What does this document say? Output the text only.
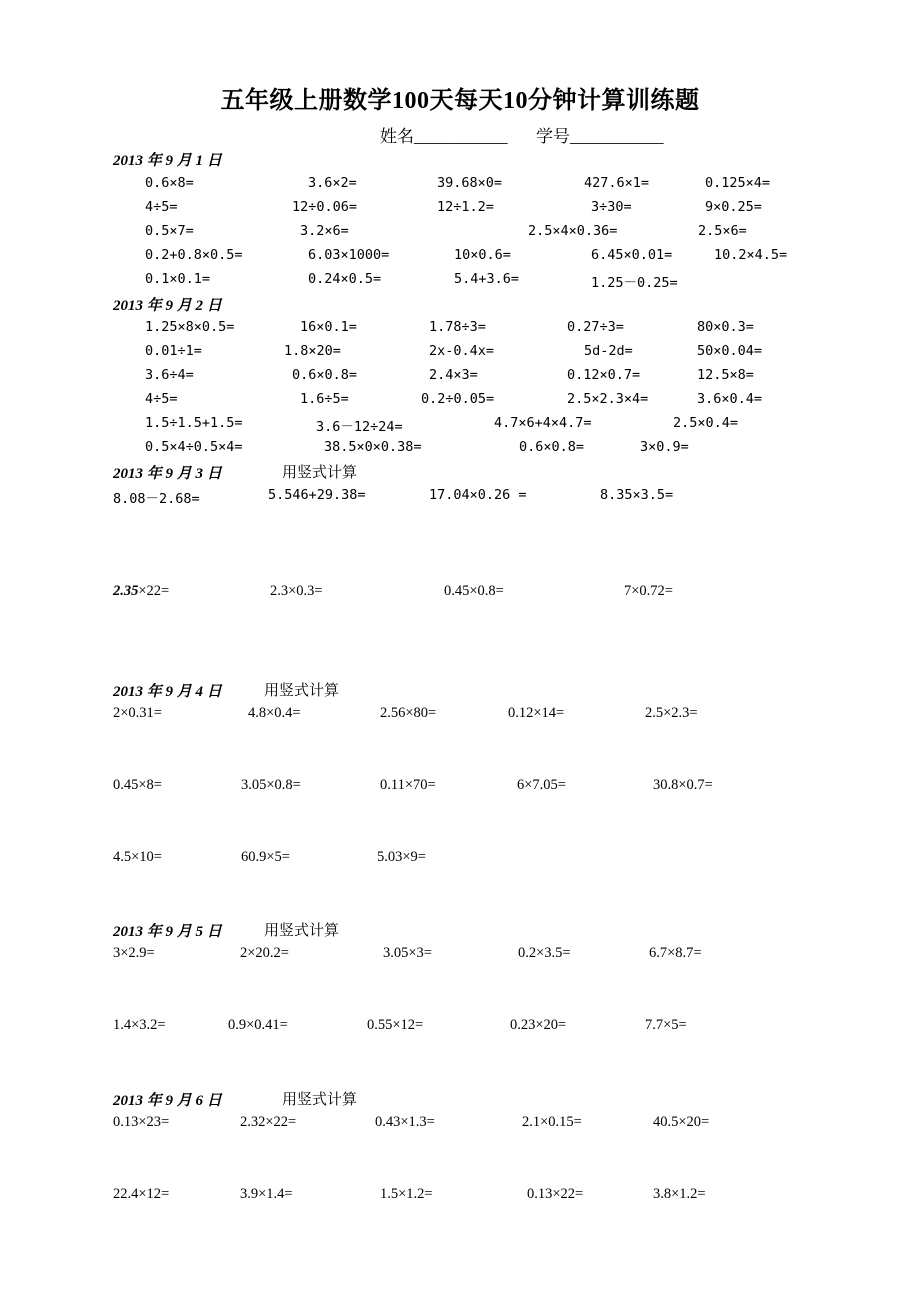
五年级上册数学100天每天10分钟计算训练题
姓名___________ 学号___________
2013 年 9 月 1 日
0.6×8=	3.6×2=	39.68×0=	427.6×1=	0.125×4=
4÷5=	12÷0.06=	12÷1.2=	3÷30=	9×0.25=
0.5×7=	3.2×6=	2.5×4×0.36=	2.5×6=
0.2+0.8×0.5=	6.03×1000=	10×0.6=	6.45×0.01=	10.2×4.5=
0.1×0.1=	0.24×0.5=	5.4+3.6=	1.25－0.25=
2013 年 9 月 2 日
1.25×8×0.5=	16×0.1=	1.78÷3=	0.27÷3=	80×0.3=
0.01÷1=	1.8×20=	2x-0.4x=	5d-2d=	50×0.04=
3.6÷4=	0.6×0.8=	2.4×3=	0.12×0.7=	12.5×8=
4÷5=	1.6÷5=	0.2÷0.05=	2.5×2.3×4=	3.6×0.4=
1.5÷1.5+1.5=	3.6－12÷24=	4.7×6+4×4.7=	2.5×0.4=
0.5×4÷0.5×4=	38.5×0×0.38=	0.6×0.8=	3×0.9=
2013 年 9 月 3 日	用竖式计算
8.08－2.68=	5.546+29.38=	17.04×0.26 =	8.35×3.5=
2.35×22=	2.3×0.3=	0.45×0.8=	7×0.72=
2013 年 9 月 4 日	用竖式计算
2×0.31=	4.8×0.4=	2.56×80=	0.12×14=	2.5×2.3=
0.45×8=	3.05×0.8=	0.11×70=	6×7.05=	30.8×0.7=
4.5×10=	60.9×5=	5.03×9=
2013 年 9 月 5 日	用竖式计算
3×2.9=	2×20.2=	3.05×3=	0.2×3.5=	6.7×8.7=
1.4×3.2=	0.9×0.41=	0.55×12=	0.23×20=	7.7×5=
2013 年 9 月 6 日	用竖式计算
0.13×23=	2.32×22=	0.43×1.3=	2.1×0.15=	40.5×20=
22.4×12=	3.9×1.4=	1.5×1.2=	0.13×22=	3.8×1.2=
